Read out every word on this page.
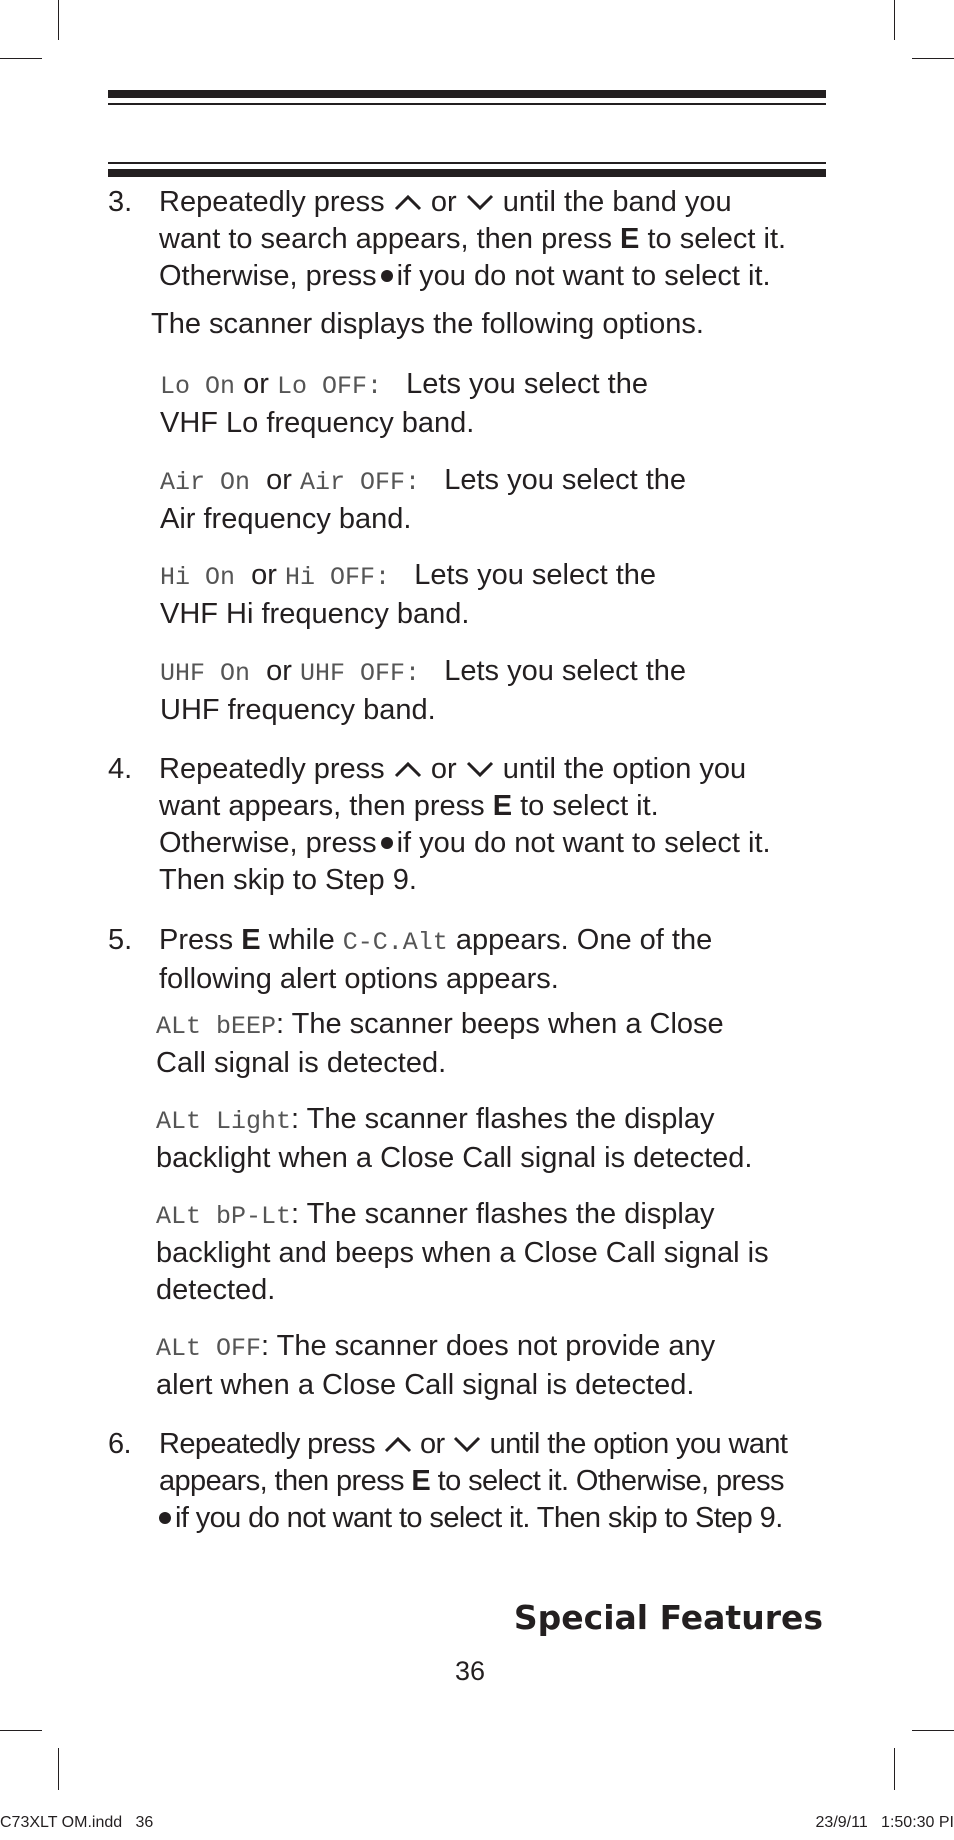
3. Repeatedly press or until the band you
want to search appears, then press E to select it.
Otherwise, press if you do not want to select it.
The scanner displays the following options.
Lo On or Lo OFF: Lets you select the
VHF Lo frequency band.
Air On or Air OFF: Lets you select the
Air frequency band.
Hi On or Hi OFF: Lets you select the
VHF Hi frequency band.
UHF On or UHF OFF: Lets you select the
UHF frequency band.
4. Repeatedly press or until the option you
want appears, then press E to select it.
Otherwise, press if you do not want to select it.
Then skip to Step 9.
5. Press E while C-C.Alt appears. One of the
following alert options appears.
ALt bEEP: The scanner beeps when a Close
Call signal is detected.
ALt Light: The scanner flashes the display
backlight when a Close Call signal is detected.
ALt bP-Lt: The scanner flashes the display
backlight and beeps when a Close Call signal is
detected.
ALt OFF: The scanner does not provide any
alert when a Close Call signal is detected.
6. Repeatedly press or until the option you want
appears, then press E to select it. Otherwise, press
if you do not want to select it. Then skip to Step 9.
Special Features
36
C73XLT OM.indd   36	23/9/11   1:50:30 PI
